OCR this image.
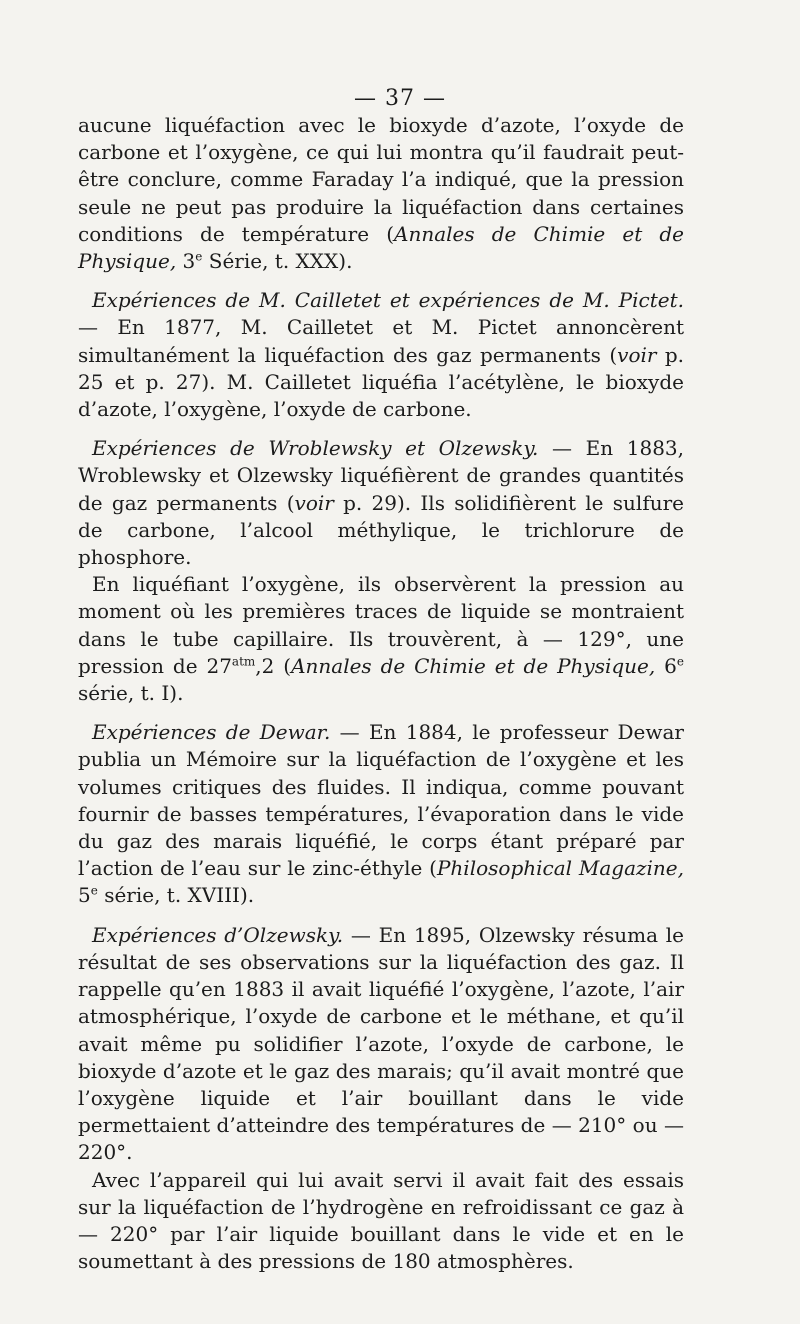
— 37 —

aucune liquéfaction avec le bioxyde d’azote, l’oxyde de carbone et l’oxygène, ce qui lui montra qu’il faudrait peut-être conclure, comme Faraday l’a indiqué, que la pression seule ne peut pas produire la liquéfaction dans certaines conditions de température (Annales de Chimie et de Physique, 3e Série, t. XXX).

Expériences de M. Cailletet et expériences de M. Pictet. — En 1877, M. Cailletet et M. Pictet annoncèrent simultanément la liquéfaction des gaz permanents (voir p. 25 et p. 27). M. Cailletet liquéfia l’acétylène, le bioxyde d’azote, l’oxygène, l’oxyde de carbone.

Expériences de Wroblewsky et Olzewsky. — En 1883, Wroblewsky et Olzewsky liquéfièrent de grandes quantités de gaz permanents (voir p. 29). Ils solidifièrent le sulfure de carbone, l’alcool méthylique, le trichlorure de phosphore.

En liquéfiant l’oxygène, ils observèrent la pression au moment où les premières traces de liquide se montraient dans le tube capillaire. Ils trouvèrent, à — 129°, une pression de $27^{atm},2$ (Annales de Chimie et de Physique, 6e série, t. I).

Expériences de Dewar. — En 1884, le professeur Dewar publia un Mémoire sur la liquéfaction de l’oxygène et les volumes critiques des fluides. Il indiqua, comme pouvant fournir de basses températures, l’évaporation dans le vide du gaz des marais liquéfié, le corps étant préparé par l’action de l’eau sur le zinc-éthyle (Philosophical Magazine, 5e série, t. XVIII).

Expériences d’Olzewsky. — En 1895, Olzewsky résuma le résultat de ses observations sur la liquéfaction des gaz. Il rappelle qu’en 1883 il avait liquéfié l’oxygène, l’azote, l’air atmosphérique, l’oxyde de carbone et le méthane, et qu’il avait même pu solidifier l’azote, l’oxyde de carbone, le bioxyde d’azote et le gaz des marais; qu’il avait montré que l’oxygène liquide et l’air bouillant dans le vide permettaient d’atteindre des températures de — 210° ou — 220°.

Avec l’appareil qui lui avait servi il avait fait des essais sur la liquéfaction de l’hydrogène en refroidissant ce gaz à — 220° par l’air liquide bouillant dans le vide et en le soumettant à des pressions de 180 atmosphères.
